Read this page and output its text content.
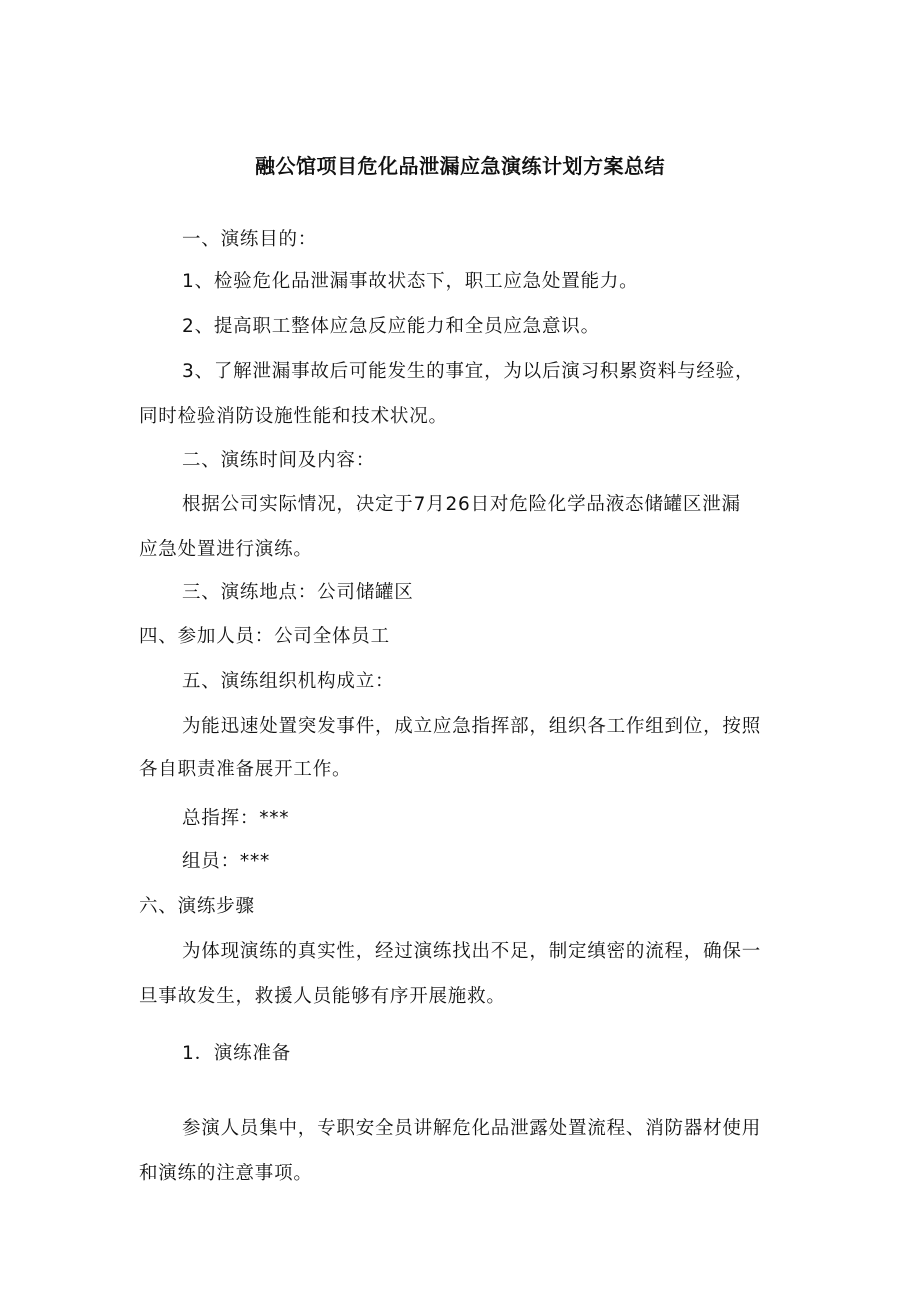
融公馆项目危化品泄漏应急演练计划方案总结
一、演练目的：
1、检验危化品泄漏事故状态下，职工应急处置能力。
2、提高职工整体应急反应能力和全员应急意识。
3、了解泄漏事故后可能发生的事宜，为以后演习积累资料与经验，
同时检验消防设施性能和技术状况。
二、演练时间及内容：
根据公司实际情况，决定于7月26日对危险化学品液态储罐区泄漏
应急处置进行演练。
三、演练地点：公司储罐区
四、参加人员：公司全体员工
五、演练组织机构成立：
为能迅速处置突发事件，成立应急指挥部，组织各工作组到位，按照
各自职责准备展开工作。
总指挥：***
组员：***
六、演练步骤
为体现演练的真实性，经过演练找出不足，制定缜密的流程，确保一
旦事故发生，救援人员能够有序开展施救。
1．演练准备
参演人员集中，专职安全员讲解危化品泄露处置流程、消防器材使用
和演练的注意事项。
